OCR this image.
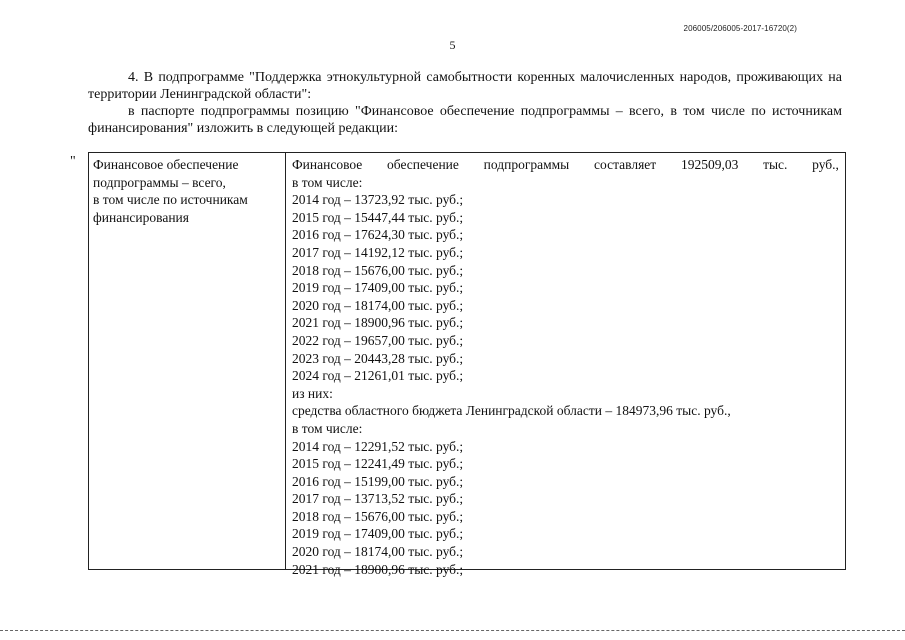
206005/206005-2017-16720(2)
5
4. В подпрограмме "Поддержка этнокультурной самобытности коренных малочисленных народов, проживающих на территории Ленинградской области":
в паспорте подпрограммы позицию "Финансовое обеспечение подпрограммы – всего, в том числе по источникам финансирования" изложить в следующей редакции:
" Финансовое обеспечение
подпрограммы – всего,
в том числе по источникам
финансирования
Финансовое обеспечение подпрограммы составляет 192509,03 тыс. руб.,
в том числе:
2014 год – 13723,92 тыс. руб.;
2015 год – 15447,44 тыс. руб.;
2016 год – 17624,30 тыс. руб.;
2017 год – 14192,12 тыс. руб.;
2018 год – 15676,00 тыс. руб.;
2019 год – 17409,00 тыс. руб.;
2020 год – 18174,00 тыс. руб.;
2021 год – 18900,96 тыс. руб.;
2022 год – 19657,00 тыс. руб.;
2023 год – 20443,28 тыс. руб.;
2024 год – 21261,01 тыс. руб.;
из них:
средства областного бюджета Ленинградской области – 184973,96 тыс. руб.,
в том числе:
2014 год – 12291,52 тыс. руб.;
2015 год – 12241,49 тыс. руб.;
2016 год – 15199,00 тыс. руб.;
2017 год – 13713,52 тыс. руб.;
2018 год – 15676,00 тыс. руб.;
2019 год – 17409,00 тыс. руб.;
2020 год – 18174,00 тыс. руб.;
2021 год – 18900,96 тыс. руб.;
